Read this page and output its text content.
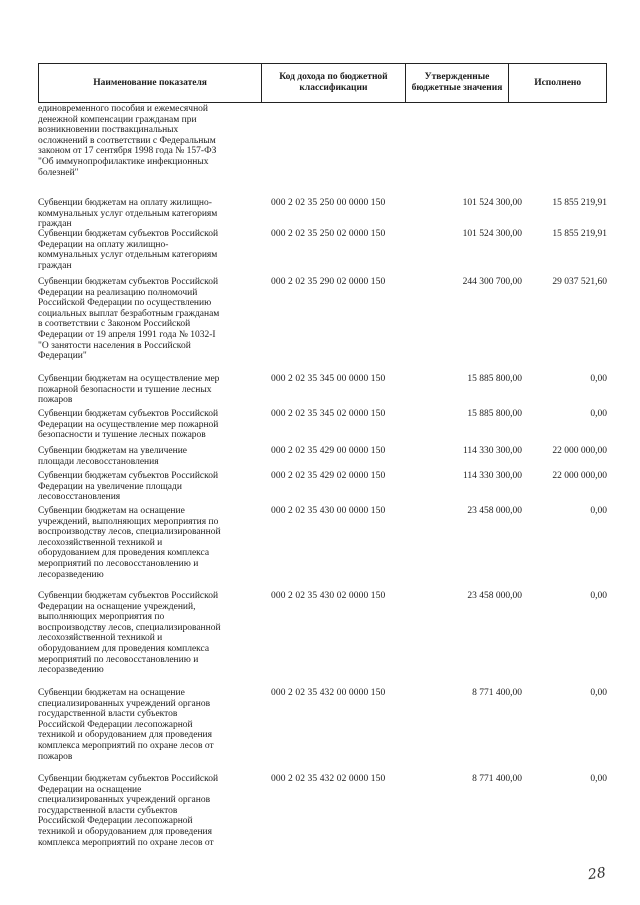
Наименование показателя
Код дохода по бюджетной классификации
Утвержденные бюджетные значения
Исполнено
единовременного пособия и ежемесячной
денежной компенсации гражданам при
возникновении поствакцинальных
осложнений в соответствии с Федеральным
законом от 17 сентября 1998 года № 157-ФЗ
"Об иммунопрофилактике инфекционных
болезней"
Субвенции бюджетам на оплату жилищно-
коммунальных услуг отдельным категориям
граждан
000 2 02 35 250 00 0000 150	101 524 300,00	15 855 219,91
Субвенции бюджетам субъектов Российской
Федерации на оплату жилищно-
коммунальных услуг отдельным категориям
граждан
000 2 02 35 250 02 0000 150	101 524 300,00	15 855 219,91
Субвенции бюджетам субъектов Российской
Федерации на реализацию полномочий
Российской Федерации по осуществлению
социальных выплат безработным гражданам
в соответствии с Законом Российской
Федерации от 19 апреля 1991 года № 1032-I
"О занятости населения в Российской
Федерации"
000 2 02 35 290 02 0000 150	244 300 700,00	29 037 521,60
Субвенции бюджетам на осуществление мер
пожарной безопасности и тушение лесных
пожаров
000 2 02 35 345 00 0000 150	15 885 800,00	0,00
Субвенции бюджетам субъектов Российской
Федерации на осуществление мер пожарной
безопасности и тушение лесных пожаров
000 2 02 35 345 02 0000 150	15 885 800,00	0,00
Субвенции бюджетам на увеличение
площади лесовосстановления
000 2 02 35 429 00 0000 150	114 330 300,00	22 000 000,00
Субвенции бюджетам субъектов Российской
Федерации на увеличение площади
лесовосстановления
000 2 02 35 429 02 0000 150	114 330 300,00	22 000 000,00
Субвенции бюджетам на оснащение
учреждений, выполняющих мероприятия по
воспроизводству лесов, специализированной
лесохозяйственной техникой и
оборудованием для проведения комплекса
мероприятий по лесовосстановлению и
лесоразведению
000 2 02 35 430 00 0000 150	23 458 000,00	0,00
Субвенции бюджетам субъектов Российской
Федерации на оснащение учреждений,
выполняющих мероприятия по
воспроизводству лесов, специализированной
лесохозяйственной техникой и
оборудованием для проведения комплекса
мероприятий по лесовосстановлению и
лесоразведению
000 2 02 35 430 02 0000 150	23 458 000,00	0,00
Субвенции бюджетам на оснащение
специализированных учреждений органов
государственной власти субъектов
Российской Федерации лесопожарной
техникой и оборудованием для проведения
комплекса мероприятий по охране лесов от
пожаров
000 2 02 35 432 00 0000 150	8 771 400,00	0,00
Субвенции бюджетам субъектов Российской
Федерации на оснащение
специализированных учреждений органов
государственной власти субъектов
Российской Федерации лесопожарной
техникой и оборудованием для проведения
комплекса мероприятий по охране лесов от
000 2 02 35 432 02 0000 150	8 771 400,00	0,00
28
